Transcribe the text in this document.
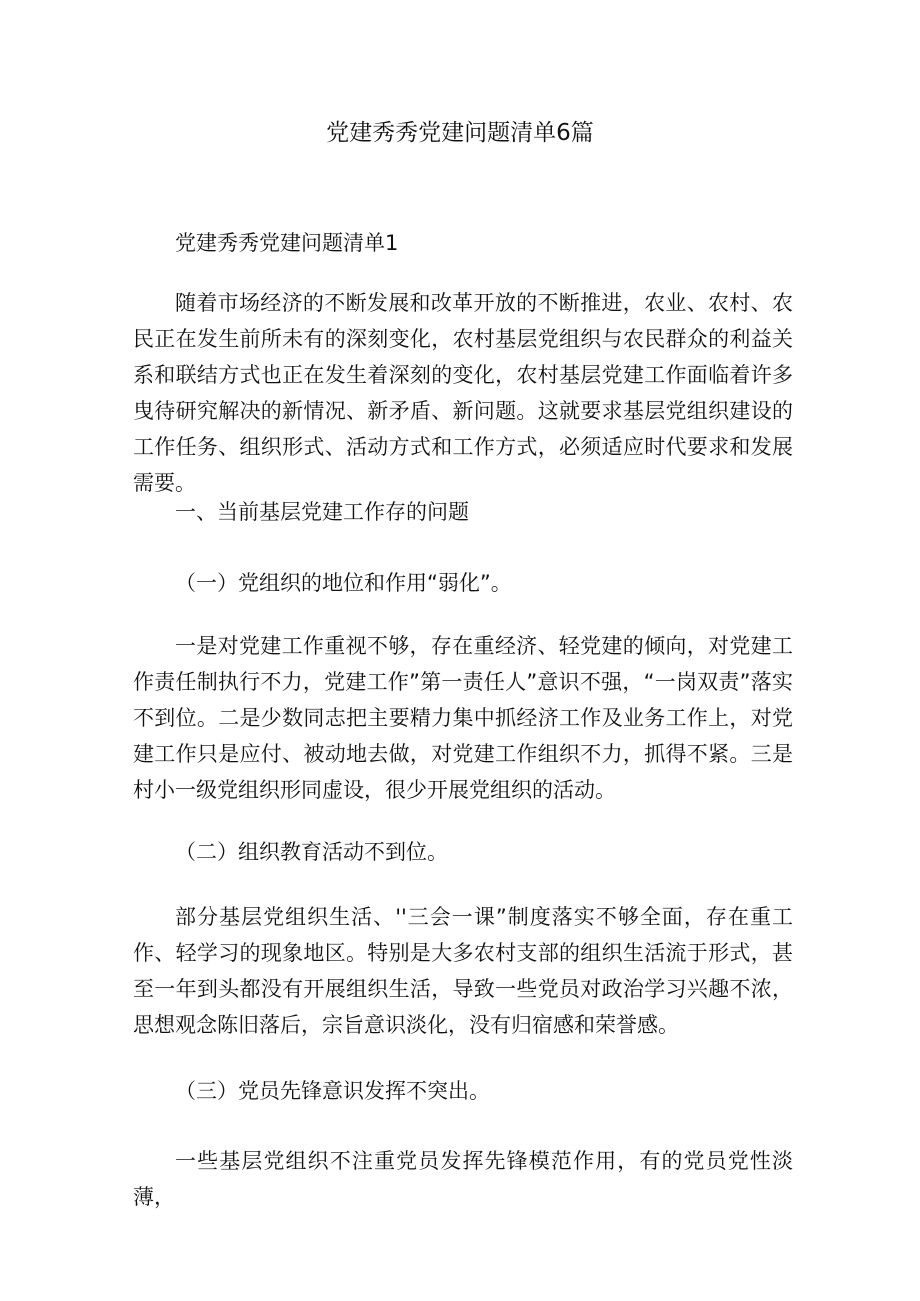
党建秀秀党建问题清单6篇

党建秀秀党建问题清单1

随着市场经济的不断发展和改革开放的不断推进，农业、农村、农民正在发生前所未有的深刻变化，农村基层党组织与农民群众的利益关系和联结方式也正在发生着深刻的变化，农村基层党建工作面临着许多曳待研究解决的新情况、新矛盾、新问题。这就要求基层党组织建设的工作任务、组织形式、活动方式和工作方式，必须适应时代要求和发展需要。

一、当前基层党建工作存的问题

（一）党组织的地位和作用“弱化”。

一是对党建工作重视不够，存在重经济、轻党建的倾向，对党建工作责任制执行不力，党建工作”第一责任人”意识不强，“一岗双责”落实不到位。二是少数同志把主要精力集中抓经济工作及业务工作上，对党建工作只是应付、被动地去做，对党建工作组织不力，抓得不紧。三是村小一级党组织形同虚设，很少开展党组织的活动。

（二）组织教育活动不到位。

部分基层党组织生活、''三会一课”制度落实不够全面，存在重工作、轻学习的现象地区。特别是大多农村支部的组织生活流于形式，甚至一年到头都没有开展组织生活，导致一些党员对政治学习兴趣不浓，思想观念陈旧落后，宗旨意识淡化，没有归宿感和荣誉感。

（三）党员先锋意识发挥不突出。

一些基层党组织不注重党员发挥先锋模范作用，有的党员党性淡薄，
